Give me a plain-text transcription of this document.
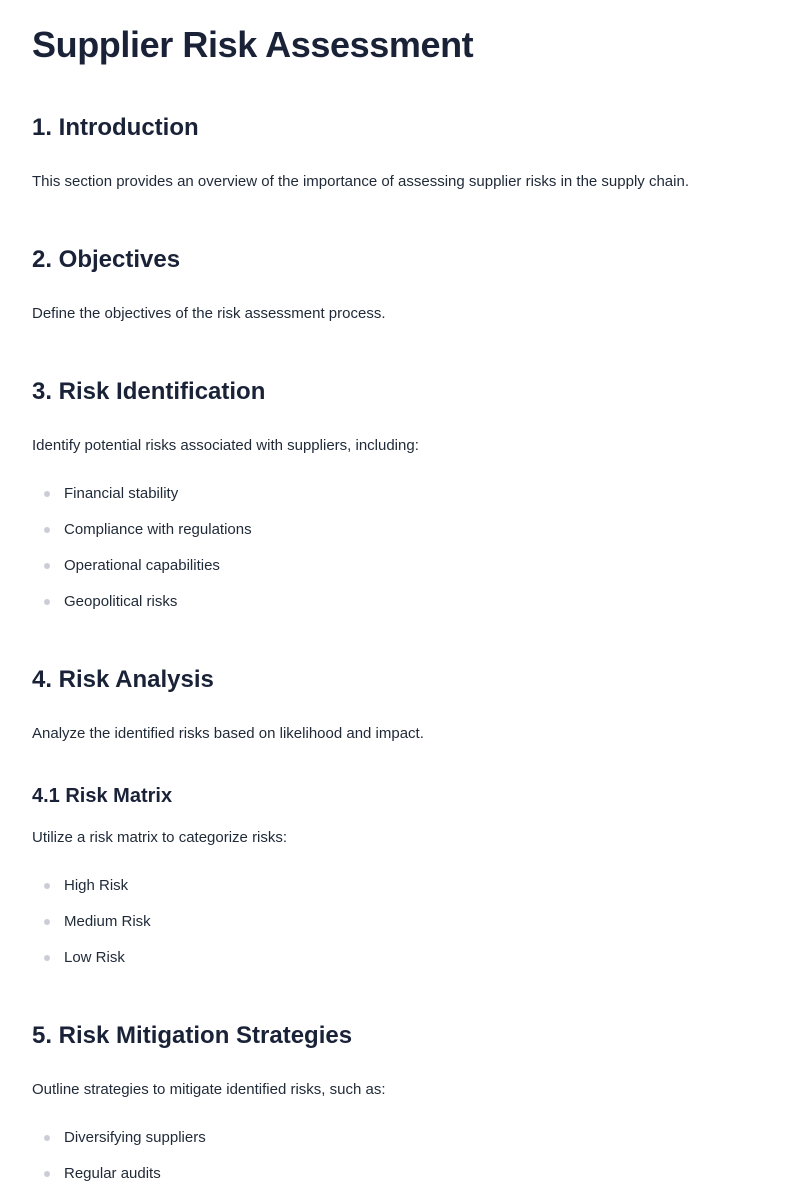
Supplier Risk Assessment
1. Introduction

This section provides an overview of the importance of assessing supplier risks in the supply chain.

2. Objectives

Define the objectives of the risk assessment process.

3. Risk Identification

Identify potential risks associated with suppliers, including:

Financial stability
Compliance with regulations
Operational capabilities
Geopolitical risks
4. Risk Analysis

Analyze the identified risks based on likelihood and impact.

4.1 Risk Matrix

Utilize a risk matrix to categorize risks:

High Risk
Medium Risk
Low Risk
5. Risk Mitigation Strategies

Outline strategies to mitigate identified risks, such as:

Diversifying suppliers
Regular audits
